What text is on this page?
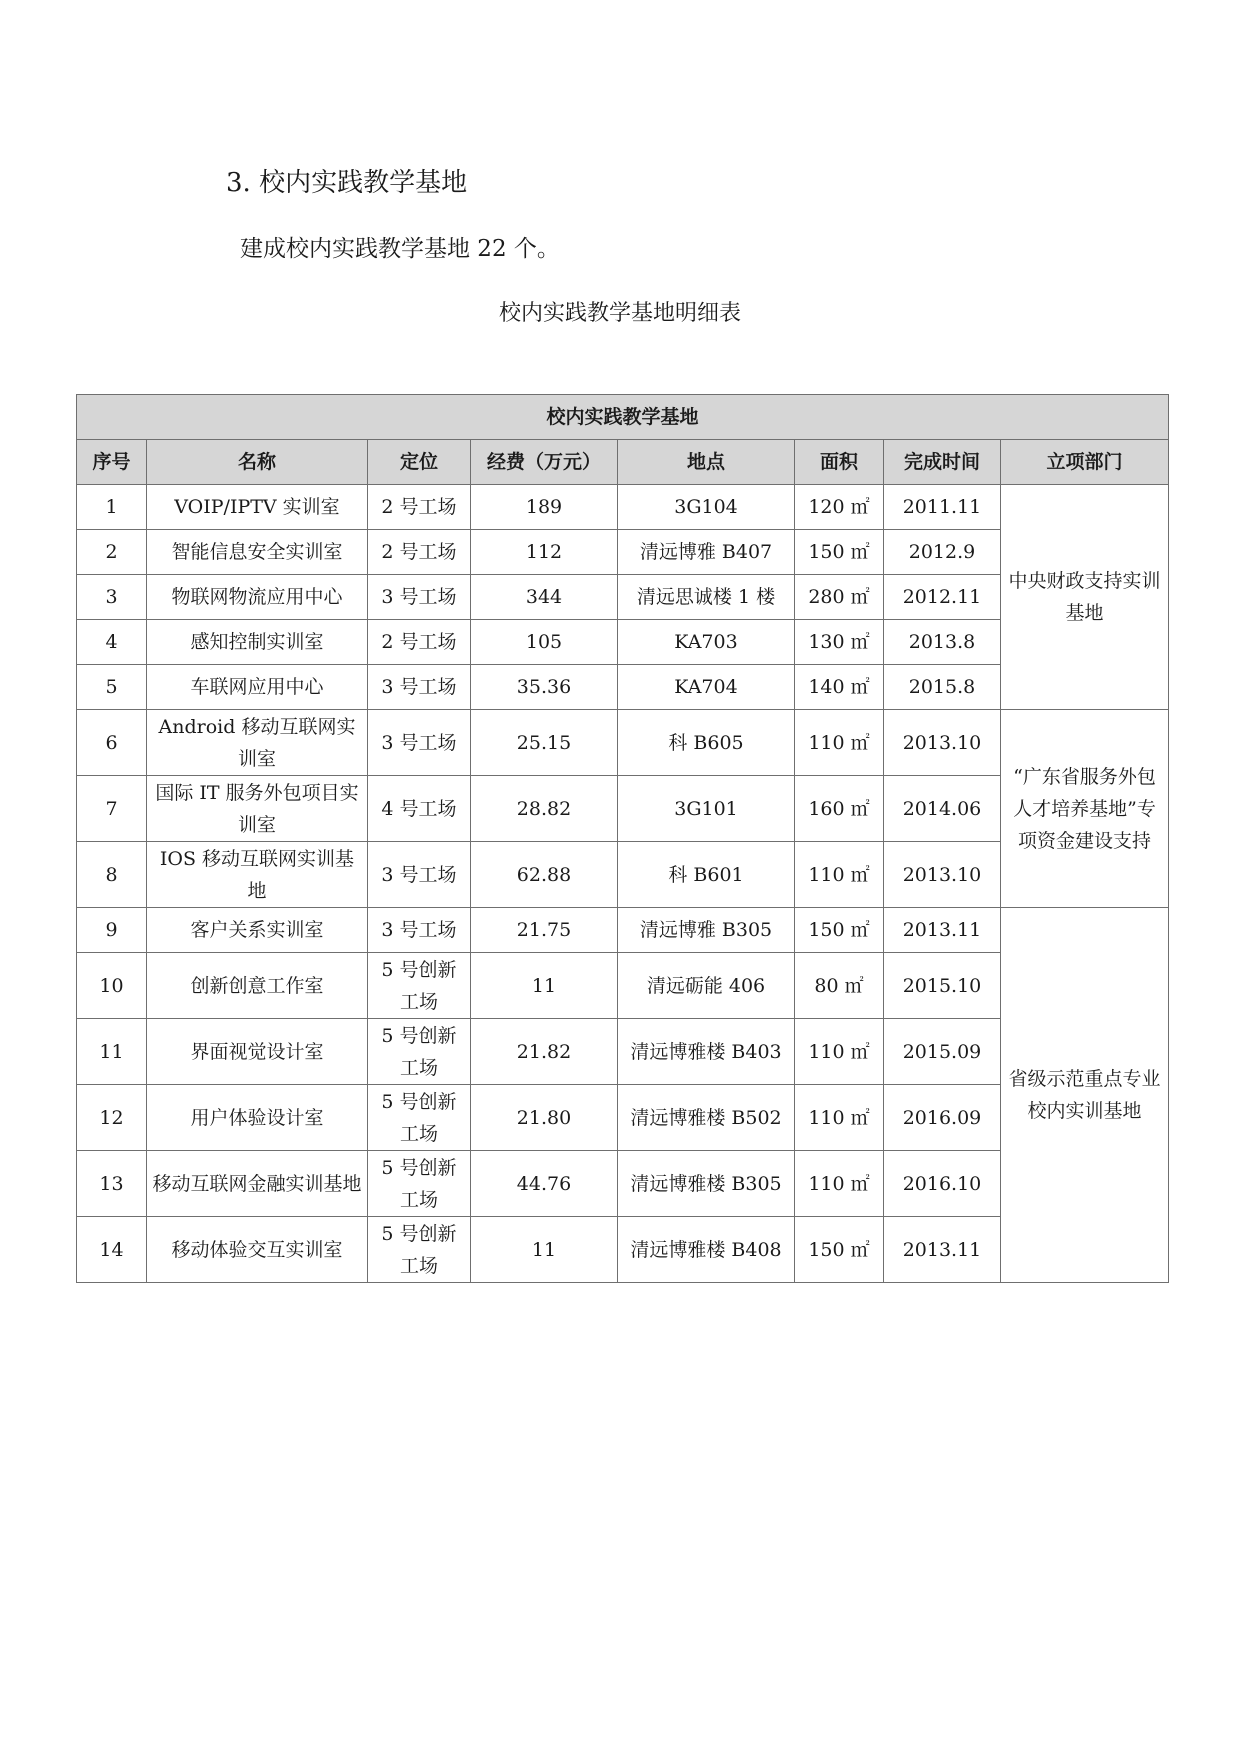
3. 校内实践教学基地
建成校内实践教学基地 22 个。
校内实践教学基地明细表
校内实践教学基地							
序号	名称	定位	经费（万元）	地点	面积	完成时间	立项部门
1	VOIP/IPTV 实训室	2 号工场	189	3G104	120 ㎡	2011.11	中央财政支持实训基地
2	智能信息安全实训室	2 号工场	112	清远博雅 B407	150 ㎡	2012.9	
3	物联网物流应用中心	3 号工场	344	清远思诚楼 1 楼	280 ㎡	2012.11	
4	感知控制实训室	2 号工场	105	KA703	130 ㎡	2013.8	
5	车联网应用中心	3 号工场	35.36	KA704	140 ㎡	2015.8	
6	Android 移动互联网实训室	3 号工场	25.15	科 B605	110 ㎡	2013.10	“广东省服务外包人才培养基地”专项资金建设支持
7	国际 IT 服务外包项目实训室	4 号工场	28.82	3G101	160 ㎡	2014.06	
8	IOS 移动互联网实训基地	3 号工场	62.88	科 B601	110 ㎡	2013.10	
9	客户关系实训室	3 号工场	21.75	清远博雅 B305	150 ㎡	2013.11	省级示范重点专业校内实训基地
10	创新创意工作室	5 号创新工场	11	清远砺能 406	80 ㎡	2015.10	
11	界面视觉设计室	5 号创新工场	21.82	清远博雅楼 B403	110 ㎡	2015.09	
12	用户体验设计室	5 号创新工场	21.80	清远博雅楼 B502	110 ㎡	2016.09	
13	移动互联网金融实训基地	5 号创新工场	44.76	清远博雅楼 B305	110 ㎡	2016.10	
14	移动体验交互实训室	5 号创新工场	11	清远博雅楼 B408	150 ㎡	2013.11	
